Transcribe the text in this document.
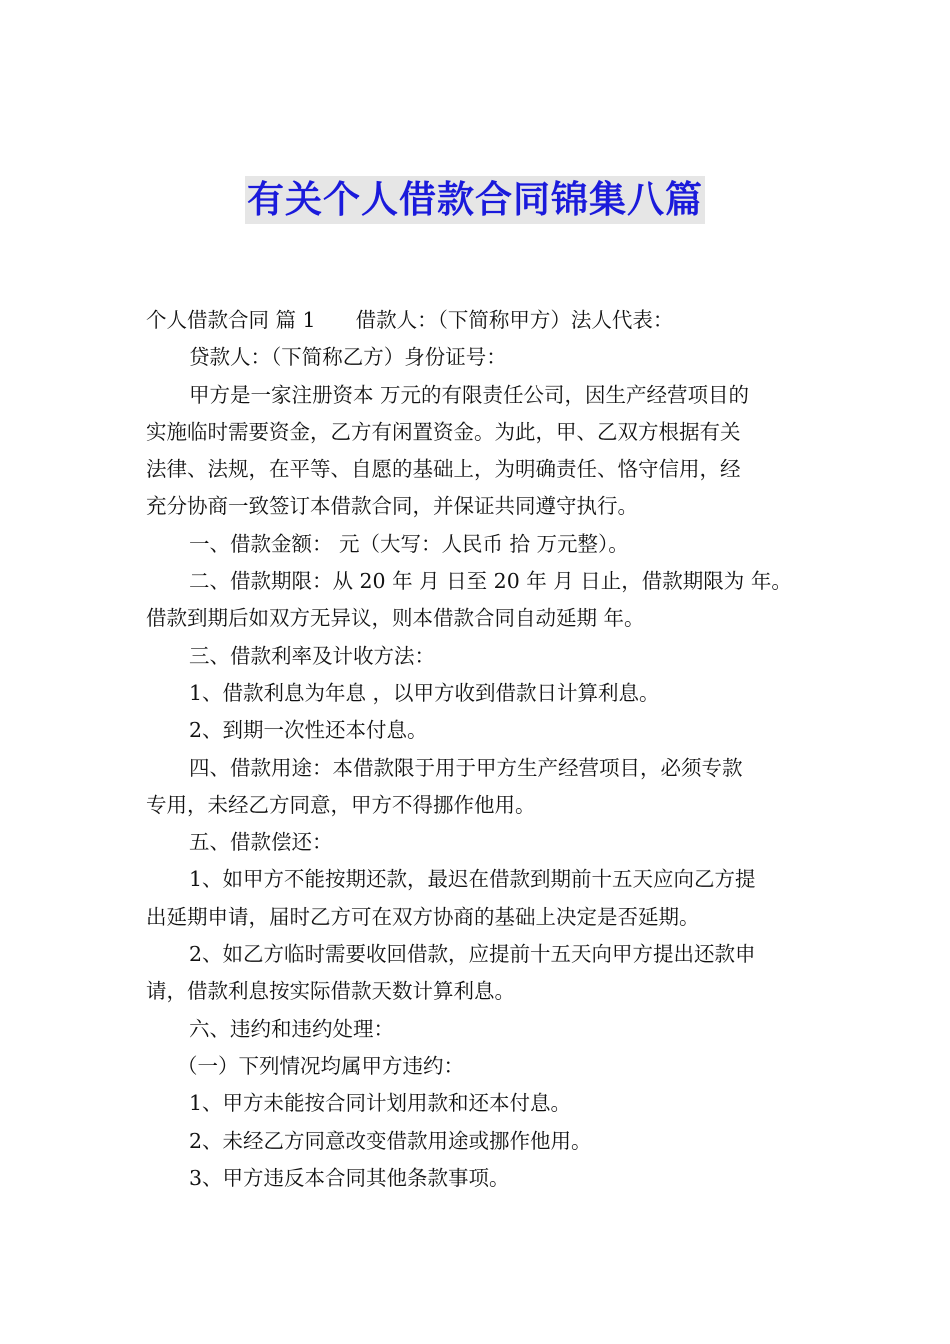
有关个人借款合同锦集八篇
个人借款合同 篇 1 借款人：（下简称甲方）法人代表：
贷款人：（下简称乙方）身份证号：
甲方是一家注册资本 万元的有限责任公司，因生产经营项目的
实施临时需要资金，乙方有闲置资金。为此，甲、乙双方根据有关
法律、法规，在平等、自愿的基础上，为明确责任、恪守信用，经
充分协商一致签订本借款合同，并保证共同遵守执行。
一、借款金额： 元（大写：人民币 拾 万元整）。
二、借款期限：从 20 年 月 日至 20 年 月 日止，借款期限为 年。
借款到期后如双方无异议，则本借款合同自动延期 年。
三、借款利率及计收方法：
1、借款利息为年息 ，以甲方收到借款日计算利息。
2、到期一次性还本付息。
四、借款用途：本借款限于用于甲方生产经营项目，必须专款
专用，未经乙方同意，甲方不得挪作他用。
五、借款偿还：
1、如甲方不能按期还款，最迟在借款到期前十五天应向乙方提
出延期申请，届时乙方可在双方协商的基础上决定是否延期。
2、如乙方临时需要收回借款，应提前十五天向甲方提出还款申
请，借款利息按实际借款天数计算利息。
六、违约和违约处理：
（一）下列情况均属甲方违约：
1、甲方未能按合同计划用款和还本付息。
2、未经乙方同意改变借款用途或挪作他用。
3、甲方违反本合同其他条款事项。
